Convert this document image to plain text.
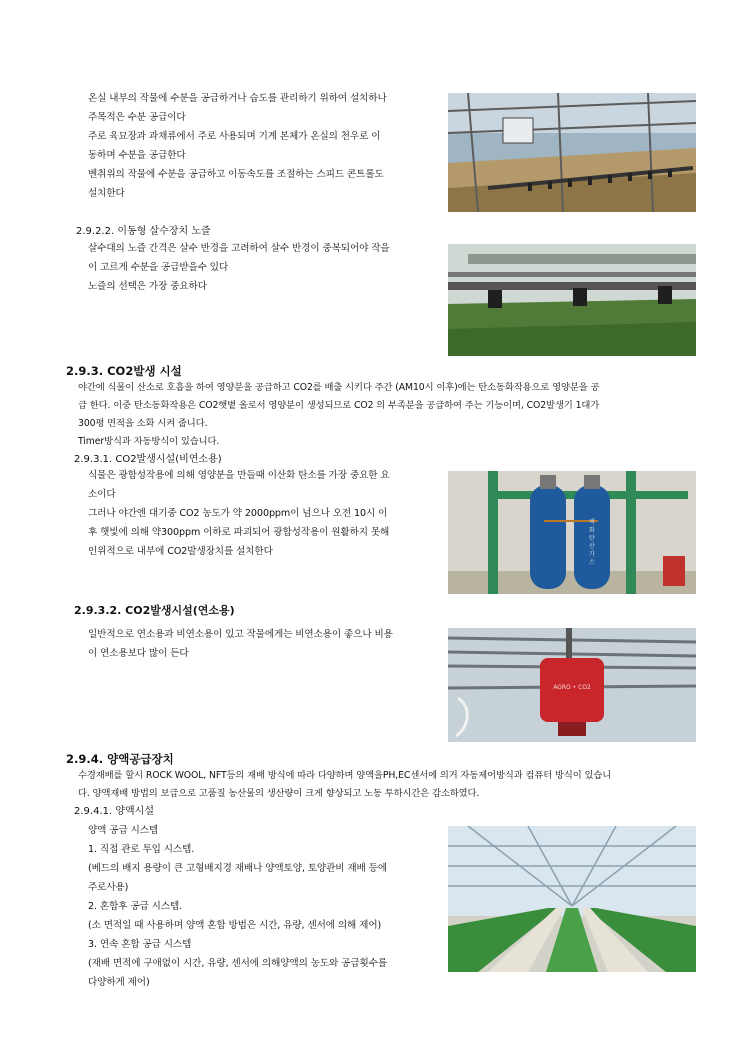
온실 내부의 작물에 수분을 공급하거나 습도를 관리하기 위하여 설치하나
주목적은 수분 공급이다
주로 육묘장과 과채류에서 주로 사용되며 기계 본체가 온실의 천우로 이
동하며 수분을 공급한다
벤취위의 작물에 수분을 공급하고 이동속도를 조절하는 스피드 콘트롤도
설치한다
2.9.2.2. 이동형 살수장치 노즐
살수대의 노즐 간격은 살수 반경을 고려하여 살수 반경이 중복되어야 작을
이 고르게 수분을 공급받을수 있다
노즐의 선택은 가장 중요하다
2.9.3. CO2발생 시설
야간에 식물이 산소로 호흡을 하여 영양분을 공급하고 CO2를 배출 시키다 주간 (AM10시 이후)에는 탄소동화작용으로 영양분을 공
급 한다. 이중 탄소동화작용은 CO2햇볕 올로서 영양분이 생성되므로 CO2 의 부족분을 공급하여 주는 기능이며, CO2발생기 1대가
300평 면적을 소화 시켜 줍니다.
Timer방식과 자동방식이 있습니다.
2.9.3.1. CO2발생시설(비연소용)
식물은 광합성작용에 의해 영양분을 만들때 이산화 탄소를 가장 중요한 요
소이다
그러나 야간엔 대기중 CO2 농도가 약 2000ppm이 넘으나 오전 10시 이
후 햇빛에 의해 약300ppm 이하로 파괴되어 광합성작용이 원활하지 못해
인위적으로 내부에 CO2발생장치를 설치한다
액화탄산가스
2.9.3.2. CO2발생시설(연소용)
일반적으로 연소용과 비연소용이 있고 작물에게는 비연소용이 좋으나 비용
이 연소용보다 많이 든다
AGRO • CO2
2.9.4. 양액공급장치
수경재배를 할시 ROCK WOOL, NFT등의 재배 방식에 따라 다양하며 양액을PH,EC센서에 의거 자동제어방식과 컴퓨터 방식이 있습니
다. 양액재배 방법의 보급으로 고품질 농산물의 생산량이 크게 향상되고 노동 투하시간은 감소하였다.
2.9.4.1. 양액시설
양액 공급 시스템
1. 직접 관로 투입 시스템.
(베드의 배지 용량이 큰 고형배지경 재배나 양액토양, 토양관비 재배 등에
주로사용)
2. 혼합후 공급 시스템.
(소 면적일 때 사용하며 양액 혼합 방법은 시간, 유량, 센서에 의해 제어)
3. 연속 혼합 공급 시스템
(재배 면적에 구애없이 시간, 유량, 센서에 의해양액의 농도와 공급횟수를
다양하게 제어)
